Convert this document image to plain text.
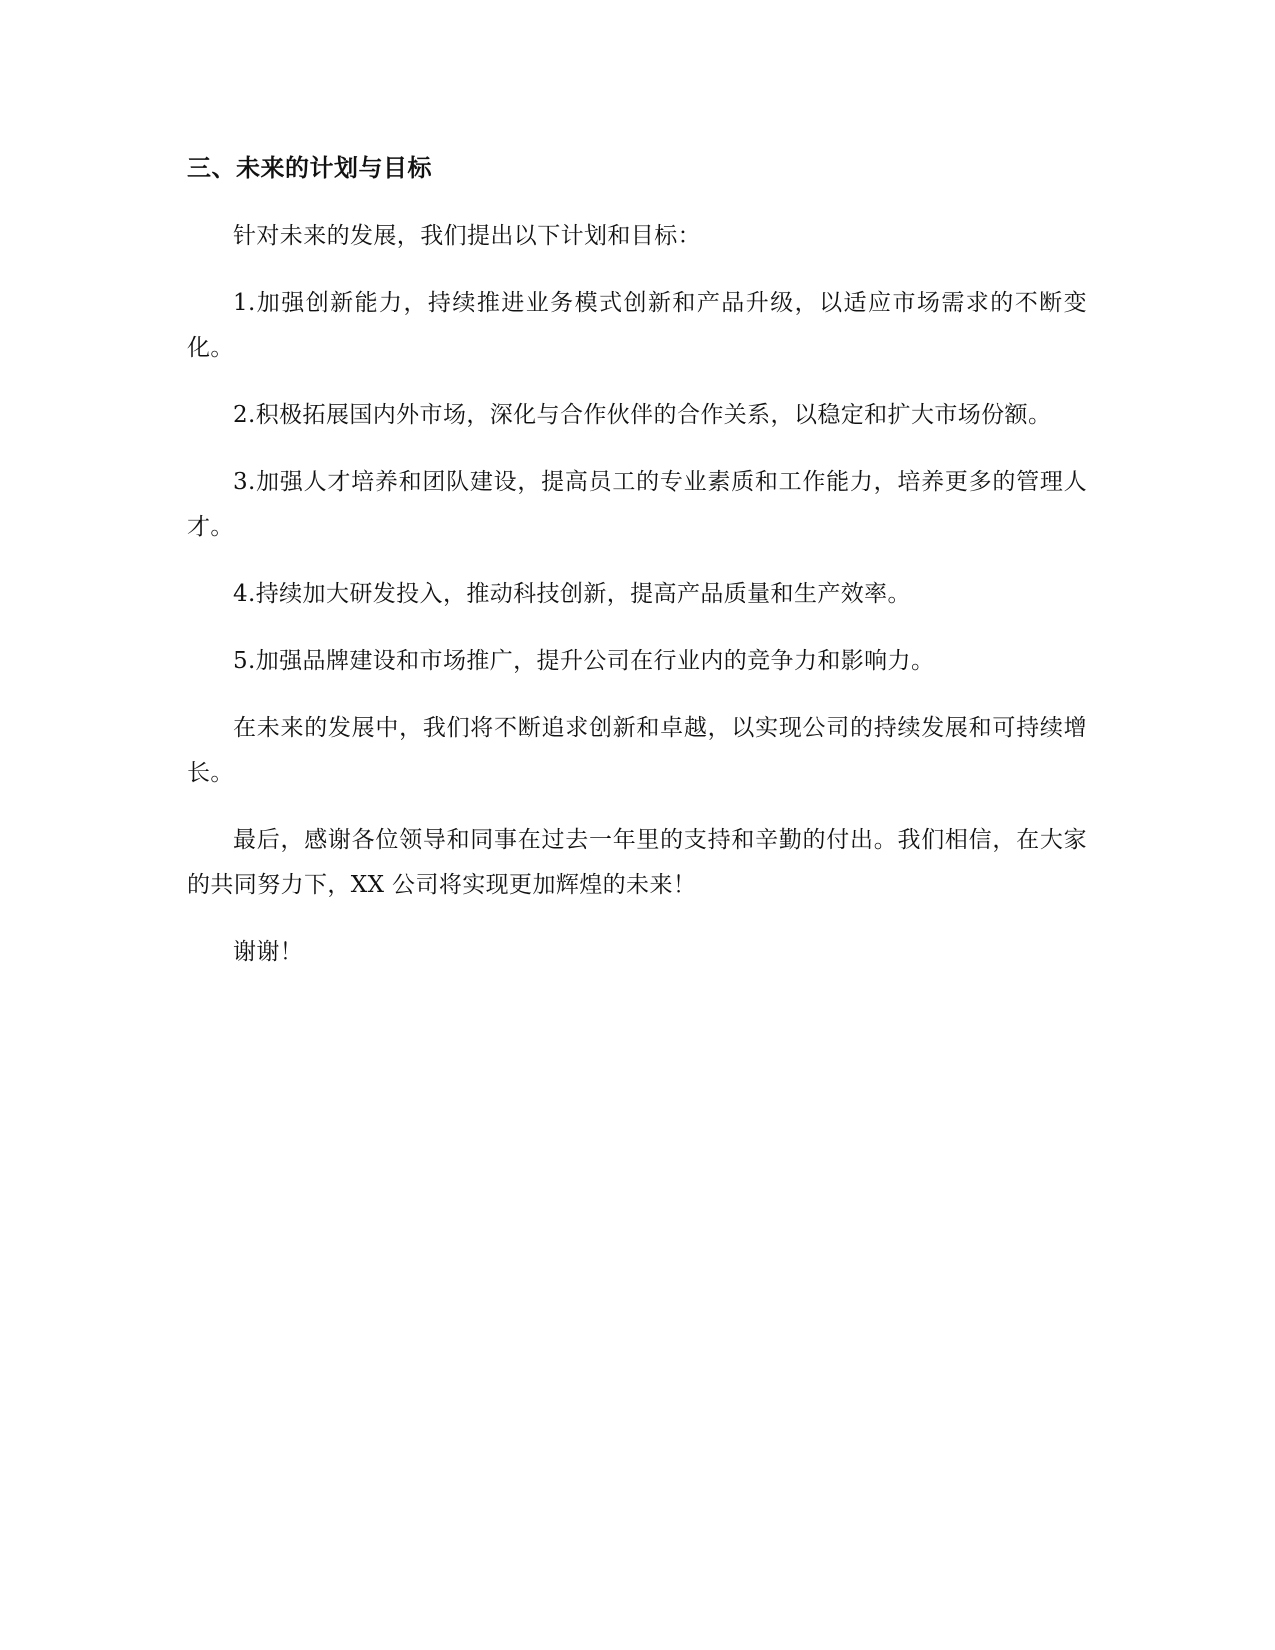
三、未来的计划与目标

针对未来的发展，我们提出以下计划和目标：

1.加强创新能力，持续推进业务模式创新和产品升级，以适应市场需求的不断变化。

2.积极拓展国内外市场，深化与合作伙伴的合作关系，以稳定和扩大市场份额。

3.加强人才培养和团队建设，提高员工的专业素质和工作能力，培养更多的管理人才。

4.持续加大研发投入，推动科技创新，提高产品质量和生产效率。

5.加强品牌建设和市场推广，提升公司在行业内的竞争力和影响力。

在未来的发展中，我们将不断追求创新和卓越，以实现公司的持续发展和可持续增长。

最后，感谢各位领导和同事在过去一年里的支持和辛勤的付出。我们相信，在大家的共同努力下，XX 公司将实现更加辉煌的未来！

谢谢！
